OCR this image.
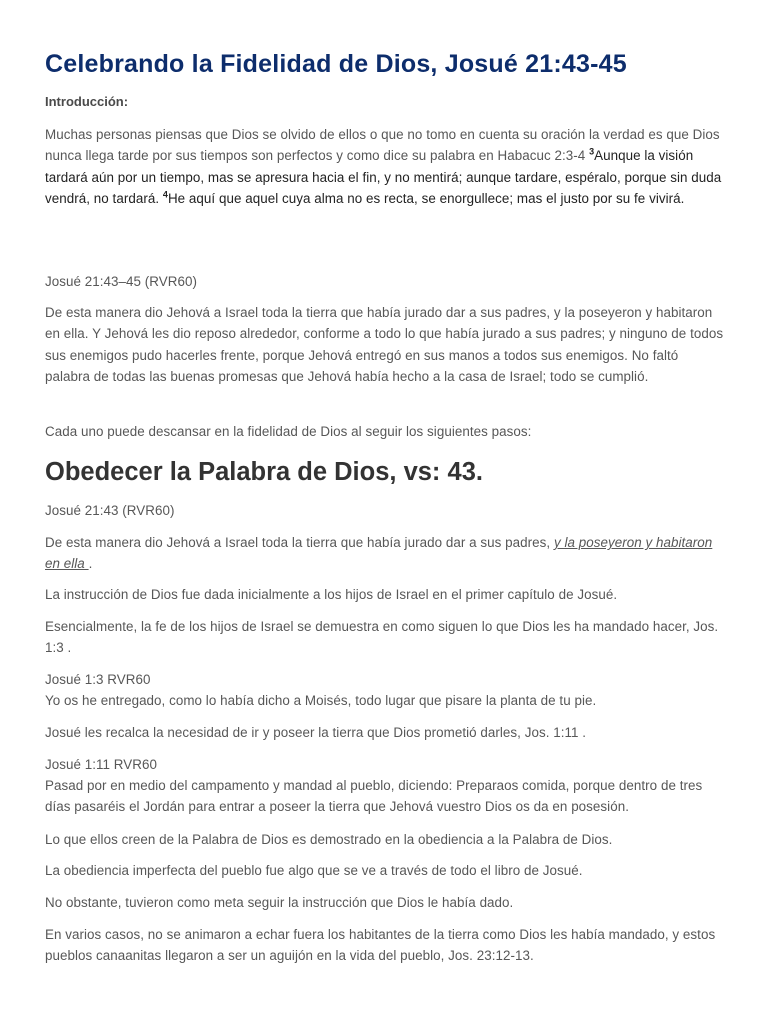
Celebrando la Fidelidad de Dios, Josué 21:43-45
Introducción:

Muchas personas piensas que Dios se olvido de ellos o que no tomo en cuenta su oración la verdad es que Dios nunca llega tarde por sus tiempos son perfectos y como dice su palabra en Habacuc 2:3-4 $^3$Aunque la visión tardará aún por un tiempo, mas se apresura hacia el fin, y no mentirá; aunque tardare, espéralo, porque sin duda vendrá, no tardará. $^4$He aquí que aquel cuya alma no es recta, se enorgullece; mas el justo por su fe vivirá.

Josué 21:43–45 (RVR60)

De esta manera dio Jehová a Israel toda la tierra que había jurado dar a sus padres, y la poseyeron y habitaron en ella. Y Jehová les dio reposo alrededor, conforme a todo lo que había jurado a sus padres; y ninguno de todos sus enemigos pudo hacerles frente, porque Jehová entregó en sus manos a todos sus enemigos. No faltó palabra de todas las buenas promesas que Jehová había hecho a la casa de Israel; todo se cumplió.

Cada uno puede descansar en la fidelidad de Dios al seguir los siguientes pasos:

Obedecer la Palabra de Dios, vs: 43.

Josué 21:43 (RVR60)

De esta manera dio Jehová a Israel toda la tierra que había jurado dar a sus padres, y la poseyeron y habitaron en ella .

La instrucción de Dios fue dada inicialmente a los hijos de Israel en el primer capítulo de Josué.

Esencialmente, la fe de los hijos de Israel se demuestra en como siguen lo que Dios les ha mandado hacer, Jos. 1:3 .

Josué 1:3 RVR60

Yo os he entregado, como lo había dicho a Moisés, todo lugar que pisare la planta de tu pie.

Josué les recalca la necesidad de ir y poseer la tierra que Dios prometió darles, Jos. 1:11 .

Josué 1:11 RVR60

Pasad por en medio del campamento y mandad al pueblo, diciendo: Preparaos comida, porque dentro de tres días pasaréis el Jordán para entrar a poseer la tierra que Jehová vuestro Dios os da en posesión.

Lo que ellos creen de la Palabra de Dios es demostrado en la obediencia a la Palabra de Dios.

La obediencia imperfecta del pueblo fue algo que se ve a través de todo el libro de Josué.

No obstante, tuvieron como meta seguir la instrucción que Dios le había dado.

En varios casos, no se animaron a echar fuera los habitantes de la tierra como Dios les había mandado, y estos pueblos canaanitas llegaron a ser un aguijón en la vida del pueblo, Jos. 23:12-13.
